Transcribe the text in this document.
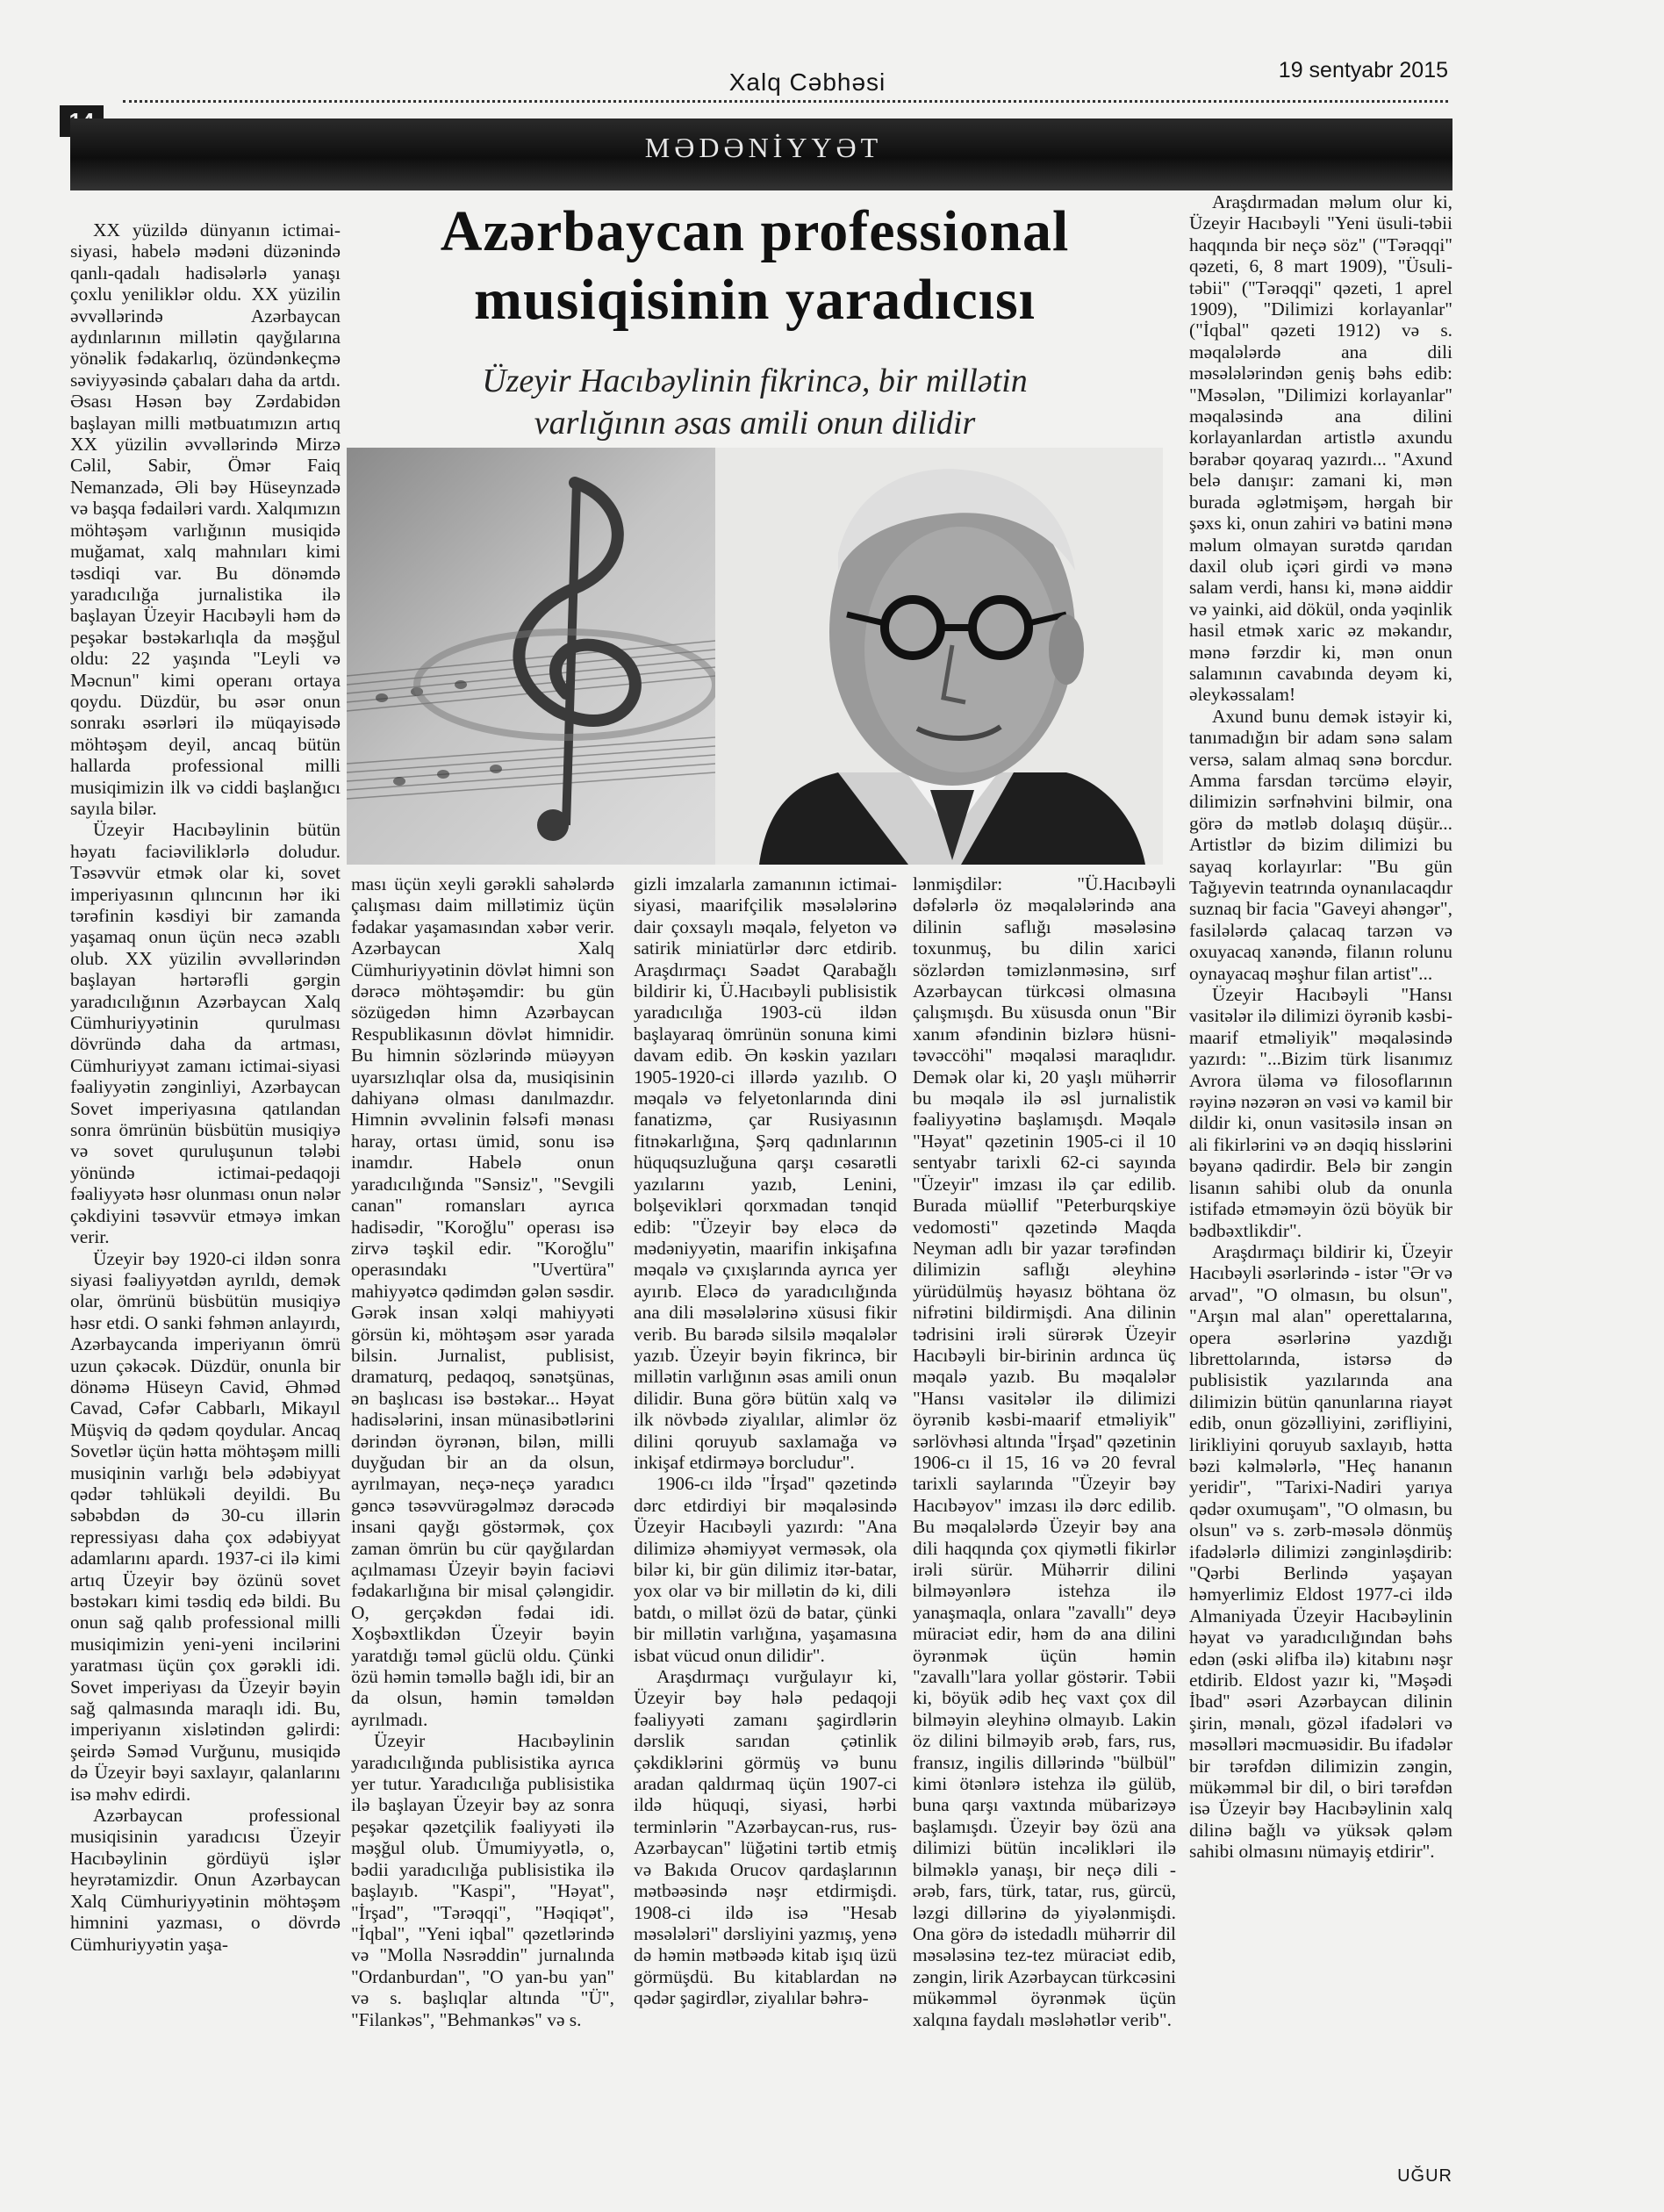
Xalq Cəbhəsi	19 sentyabr 2015
MƏDƏNİYYƏT
Azərbaycan professional
musiqisinin yaradıcısı
Üzeyir Hacıbəylinin fikrincə, bir millətin
varlığının əsas amili onun dilidir

XX yüzildə dünyanın ictimai-siyasi, habelə mədəni düzənində qanlı-qadalı hadisələrlə yanaşı çoxlu yeniliklər oldu. XX yüzilin əvvəllərində Azərbaycan aydınlarının millətin qayğılarına yönəlik fədakarlıq, özündənkeçmə səviyyəsində çabaları daha da artdı. Əsası Həsən bəy Zərdabidən başlayan milli mətbuatımızın artıq XX yüzilin əvvəllərində Mirzə Cəlil, Sabir, Ömər Faiq Nemanzadə, Əli bəy Hüseynzadə və başqa fədailəri vardı. Xalqımızın möhtəşəm varlığının musiqidə muğamat, xalq mahnıları kimi təsdiqi var. Bu dönəmdə yaradıcılığa jurnalistika ilə başlayan Üzeyir Hacıbəyli həm də peşəkar bəstəkarlıqla da məşğul oldu: 22 yaşında "Leyli və Məcnun" kimi operanı ortaya qoydu. Düzdür, bu əsər onun sonrakı əsərləri ilə müqayisədə möhtəşəm deyil, ancaq bütün hallarda professional milli musiqimizin ilk və ciddi başlanğıcı sayıla bilər.

Üzeyir Hacıbəylinin bütün həyatı faciəviliklərlə doludur. Təsəvvür etmək olar ki, sovet imperiyasının qılıncının hər iki tərəfinin kəsdiyi bir zamanda yaşamaq onun üçün necə əzablı olub. XX yüzilin əvvəllərindən başlayan hərtərəfli gərgin yaradıcılığının Azərbaycan Xalq Cümhuriyyətinin qurulması dövründə daha da artması, Cümhuriyyət zamanı ictimai-siyasi fəaliyyətin zənginliyi, Azərbaycan Sovet imperiyasına qatılandan sonra ömrünün büsbütün musiqiyə və sovet quruluşunun tələbi yönündə ictimai-pedaqoji fəaliyyətə həsr olunması onun nələr çəkdiyini təsəvvür etməyə imkan verir.

Üzeyir bəy 1920-ci ildən sonra siyasi fəaliyyətdən ayrıldı, demək olar, ömrünü büsbütün musiqiyə həsr etdi. O sanki fəhmən anlayırdı, Azərbaycanda imperiyanın ömrü uzun çəkəcək. Düzdür, onunla bir dönəmə Hüseyn Cavid, Əhməd Cavad, Cəfər Cabbarlı, Mikayıl Müşviq də qədəm qoydular. Ancaq Sovetlər üçün hətta möhtəşəm milli musiqinin varlığı belə ədəbiyyat qədər təhlükəli deyildi. Bu səbəbdən də 30-cu illərin repressiyası daha çox ədəbiyyat adamlarını apardı. 1937-ci ilə kimi artıq Üzeyir bəy özünü sovet bəstəkarı kimi təsdiq edə bildi. Bu onun sağ qalıb professional milli musiqimizin yeni-yeni incilərini yaratması üçün çox gərəkli idi. Sovet imperiyası da Üzeyir bəyin sağ qalmasında maraqlı idi. Bu, imperiyanın xislətindən gəlirdi: şeirdə Səməd Vurğunu, musiqidə də Üzeyir bəyi saxlayır, qalanlarını isə məhv edirdi.

Azərbaycan professional musiqisinin yaradıcısı Üzeyir Hacıbəylinin gördüyü işlər heyrətamizdir. Onun Azərbaycan Xalq Cümhuriyyətinin möhtəşəm himnini yazması, o dövrdə Cümhuriyyətin yaşa-

ması üçün xeyli gərəkli sahələrdə çalışması daim millətimiz üçün fədakar yaşamasından xəbər verir. Azərbaycan Xalq Cümhuriyyətinin dövlət himni son dərəcə möhtəşəmdir: bu gün sözügedən himn Azərbaycan Respublikasının dövlət himnidir. Bu himnin sözlərində müəyyən uyarsızlıqlar olsa da, musiqisinin dahiyanə olması danılmazdır. Himnin əvvəlinin fəlsəfi mənası haray, ortası ümid, sonu isə inamdır. Habelə onun yaradıcılığında "Sənsiz", "Sevgili canan" romansları ayrıca hadisədir, "Koroğlu" operası isə zirvə təşkil edir. "Koroğlu" operasındakı "Uvertüra" mahiyyətcə qədimdən gələn səsdir. Gərək insan xəlqi mahiyyəti görsün ki, möhtəşəm əsər yarada bilsin. Jurnalist, publisist, dramaturq, pedaqoq, sənətşünas, ən başlıcası isə bəstəkar... Həyat hadisələrini, insan münasibətlərini dərindən öyrənən, bilən, milli duyğudan bir an da olsun, ayrılmayan, neçə-neçə yaradıcı gəncə təsəvvürəgəlməz dərəcədə insani qayğı göstərmək, çox zaman ömrün bu cür qayğılardan açılmaması Üzeyir bəyin faciəvi fədakarlığına bir misal çələngidir. O, gerçəkdən fədai idi. Xoşbəxtlikdən Üzeyir bəyin yaratdığı təməl güclü oldu. Çünki özü həmin təməllə bağlı idi, bir an da olsun, həmin təməldən ayrılmadı.

Üzeyir Hacıbəylinin yaradıcılığında publisistika ayrıca yer tutur. Yaradıcılığa publisistika ilə başlayan Üzeyir bəy az sonra peşəkar qəzetçilik fəaliyyəti ilə məşğul olub. Ümumiyyətlə, o, bədii yaradıcılığa publisistika ilə başlayıb. "Kaspi", "Həyat", "İrşad", "Tərəqqi", "Həqiqət", "İqbal", "Yeni iqbal" qəzetlərində və "Molla Nəsrəddin" jurnalında "Ordanburdan", "O yan-bu yan" və s. başlıqlar altında "Ü", "Filankəs", "Behmankəs" və s.

gizli imzalarla zamanının ictimai-siyasi, maarifçilik məsələlərinə dair çoxsaylı məqalə, felyeton və satirik miniatürlər dərc etdirib. Araşdırmaçı Səadət Qarabağlı bildirir ki, Ü.Hacıbəyli publisistik yaradıcılığa 1903-cü ildən başlayaraq ömrünün sonuna kimi davam edib. Ən kəskin yazıları 1905-1920-ci illərdə yazılıb. O məqalə və felyetonlarında dini fanatizmə, çar Rusiyasının fitnəkarlığına, Şərq qadınlarının hüquqsuzluğuna qarşı cəsarətli yazılarını yazıb, Lenini, bolşevikləri qorxmadan tənqid edib: "Üzeyir bəy eləcə də mədəniyyətin, maarifin inkişafına məqalə və çıxışlarında ayrıca yer ayırıb. Eləcə də yaradıcılığında ana dili məsələlərinə xüsusi fikir verib. Bu barədə silsilə məqalələr yazıb. Üzeyir bəyin fikrincə, bir millətin varlığının əsas amili onun dilidir. Buna görə bütün xalq və ilk növbədə ziyalılar, alimlər öz dilini qoruyub saxlamağa və inkişaf etdirməyə borcludur".

1906-cı ildə "İrşad" qəzetində dərc etdirdiyi bir məqaləsində Üzeyir Hacıbəyli yazırdı: "Ana dilimizə əhəmiyyət verməsək, ola bilər ki, bir gün dilimiz itər-batar, yox olar və bir millətin də ki, dili batdı, o millət özü də batar, çünki bir millətin varlığına, yaşamasına isbat vücud onun dilidir".

Araşdırmaçı vurğulayır ki, Üzeyir bəy hələ pedaqoji fəaliyyəti zamanı şagirdlərin dərslik sarıdan çətinlik çəkdiklərini görmüş və bunu aradan qaldırmaq üçün 1907-ci ildə hüquqi, siyasi, hərbi terminlərin "Azərbaycan-rus, rus-Azərbaycan" lüğətini tərtib etmiş və Bakıda Orucov qardaşlarının mətbəəsində nəşr etdirmişdi. 1908-ci ildə isə "Hesab məsələləri" dərsliyini yazmış, yenə də həmin mətbəədə kitab işıq üzü görmüşdü. Bu kitablardan nə qədər şagirdlər, ziyalılar bəhrə-

lənmişdilər: "Ü.Hacıbəyli dəfələrlə öz məqalələrində ana dilinin saflığı məsələsinə toxunmuş, bu dilin xarici sözlərdən təmizlənməsinə, sırf Azərbaycan türkcəsi olmasına çalışmışdı. Bu xüsusda onun "Bir xanım əfəndinin bizlərə hüsni-təvəccöhi" məqaləsi maraqlıdır. Demək olar ki, 20 yaşlı mühərrir bu məqalə ilə əsl jurnalistik fəaliyyətinə başlamışdı. Məqalə "Həyat" qəzetinin 1905-ci il 10 sentyabr tarixli 62-ci sayında "Üzeyir" imzası ilə çar edilib. Burada müəllif "Peterburqskiye vedomosti" qəzetində Maqda Neyman adlı bir yazar tərəfindən dilimizin saflığı əleyhinə yürüdülmüş həyasız böhtana öz nifrətini bildirmişdi. Ana dilinin tədrisini irəli sürərək Üzeyir Hacıbəyli bir-birinin ardınca üç məqalə yazıb. Bu məqalələr "Hansı vasitələr ilə dilimizi öyrənib kəsbi-maarif etməliyik" sərlövhəsi altında "İrşad" qəzetinin 1906-cı il 15, 16 və 20 fevral tarixli saylarında "Üzeyir bəy Hacıbəyov" imzası ilə dərc edilib. Bu məqalələrdə Üzeyir bəy ana dili haqqında çox qiymətli fikirlər irəli sürür. Mühərrir dilini bilməyənlərə istehza ilə yanaşmaqla, onlara "zavallı" deyə müraciət edir, həm də ana dilini öyrənmək üçün həmin "zavallı"lara yollar göstərir. Təbii ki, böyük ədib heç vaxt çox dil bilməyin əleyhinə olmayıb. Lakin öz dilini bilməyib ərəb, fars, rus, fransız, ingilis dillərində "bülbül" kimi ötənlərə istehza ilə gülüb, buna qarşı vaxtında mübarizəyə başlamışdı. Üzeyir bəy özü ana dilimizi bütün incəlikləri ilə bilməklə yanaşı, bir neçə dili - ərəb, fars, türk, tatar, rus, gürcü, ləzgi dillərinə də yiyələnmişdi. Ona görə də istedadlı mühərrir dil məsələsinə tez-tez müraciət edib, zəngin, lirik Azərbaycan türkcəsini mükəmməl öyrənmək üçün xalqına faydalı məsləhətlər verib".

Araşdırmadan məlum olur ki, Üzeyir Hacıbəyli "Yeni üsuli-təbii haqqında bir neçə söz" ("Tərəqqi" qəzeti, 6, 8 mart 1909), "Üsuli-təbii" ("Tərəqqi" qəzeti, 1 aprel 1909), "Dilimizi korlayanlar" ("İqbal" qəzeti 1912) və s. məqalələrdə ana dili məsələlərindən geniş bəhs edib: "Məsələn, "Dilimizi korlayanlar" məqaləsində ana dilini korlayanlardan artistlə axundu bərabər qoyaraq yazırdı... "Axund belə danışır: zamani ki, mən burada əglətmişəm, hərgah bir şəxs ki, onun zahiri və batini mənə məlum olmayan surətdə qarıdan daxil olub içəri girdi və mənə salam verdi, hansı ki, mənə aiddir və yainki, aid dökül, onda yəqinlik hasil etmək xaric əz məkandır, mənə fərzdir ki, mən onun salamının cavabında deyəm ki, əleykəssalam!

Axund bunu demək istəyir ki, tanımadığın bir adam sənə salam versə, salam almaq sənə borcdur. Amma farsdan tərcümə eləyir, dilimizin sərfnəhvini bilmir, ona görə də mətləb dolaşıq düşür... Artistlər də bizim dilimizi bu sayaq korlayırlar: "Bu gün Tağıyevin teatrında oynanılacaqdır suznaq bir facia "Gaveyi ahəngər", fasilələrdə çalacaq tarzən və oxuyacaq xanəndə, filanın rolunu oynayacaq məşhur filan artist"...

Üzeyir Hacıbəyli "Hansı vasitələr ilə dilimizi öyrənib kəsbi-maarif etməliyik" məqaləsində yazırdı: "...Bizim türk lisanımız Avrora üləma və filosoflarının rəyinə nəzərən ən vəsi və kamil bir dildir ki, onun vasitəsilə insan ən ali fikirlərini və ən dəqiq hisslərini bəyanə qadirdir. Belə bir zəngin lisanın sahibi olub da onunla istifadə etməməyin özü böyük bir bədbəxtlikdir".

Araşdırmaçı bildirir ki, Üzeyir Hacıbəyli əsərlərində - istər "Ər və arvad", "O olmasın, bu olsun", "Arşın mal alan" operettalarına, opera əsərlərinə yazdığı librettolarında, istərsə də publisistik yazılarında ana dilimizin bütün qanunlarına riayət edib, onun gözəlliyini, zərifliyini, lirikliyini qoruyub saxlayıb, hətta bəzi kəlmələrlə, "Heç hananın yeridir", "Tarixi-Nadiri yarıya qədər oxumuşam", "O olmasın, bu olsun" və s. zərb-məsələ dönmüş ifadələrlə dilimizi zənginləşdirib: "Qərbi Berlində yaşayan həmyerlimiz Eldost 1977-ci ildə Almaniyada Üzeyir Hacıbəylinin həyat və yaradıcılığından bəhs edən (əski əlifba ilə) kitabını nəşr etdirib. Eldost yazır ki, "Məşədi İbad" əsəri Azərbaycan dilinin şirin, mənalı, gözəl ifadələri və məsəlləri məcmuəsidir. Bu ifadələr bir tərəfdən dilimizin zəngin, mükəmməl bir dil, o biri tərəfdən isə Üzeyir bəy Hacıbəylinin xalq dilinə bağlı və yüksək qələm sahibi olmasını nümayiş etdirir".

UĞUR
